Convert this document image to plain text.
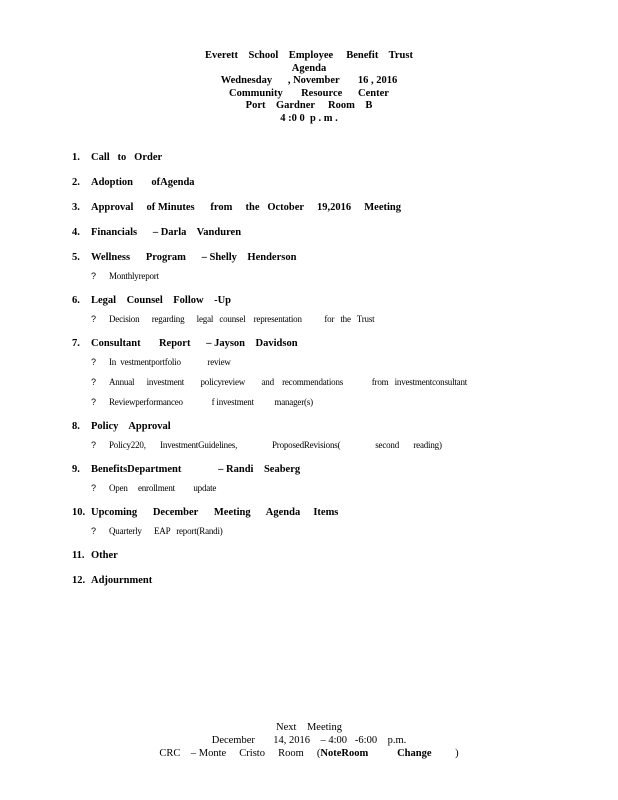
Everett    School    Employee     Benefit    Trust
Agenda
Wednesday      , November       16 , 2016
Community       Resource      Center
Port    Gardner     Room    B
4 :0 0  p . m .
1.	Call   to   Order
2.	Adoption       ofAgenda
3.	Approval     of Minutes      from     the   October     19,2016     Meeting
4.	Financials      – Darla    Vanduren
5.	Wellness      Program      – Shelly    Henderson
?	Monthlyreport
6.	Legal    Counsel    Follow    -Up
?	Decision      regarding      legal   counsel    representation           for   the   Trust
7.	Consultant       Report      – Jayson    Davidson
?	In  vestmentportfolio             review
?	Annual      investment        policyreview        and    recommendations              from   investmentconsultant
?	Reviewperformanceo              f investment          manager(s)
8.	Policy    Approval
?	Policy220,       InvestmentGuidelines,                 ProposedRevisions(                 second       reading)
9.	BenefitsDepartment              – Randi    Seaberg
?	Open     enrollment         update
10. Upcoming      December      Meeting      Agenda     Items
?	Quarterly      EAP   report(Randi)
11. Other
12. Adjournment
Next    Meeting
December       14, 2016    – 4:00   -6:00    p.m.
CRC    – Monte     Cristo     Room     (NoteRoom	Change )
